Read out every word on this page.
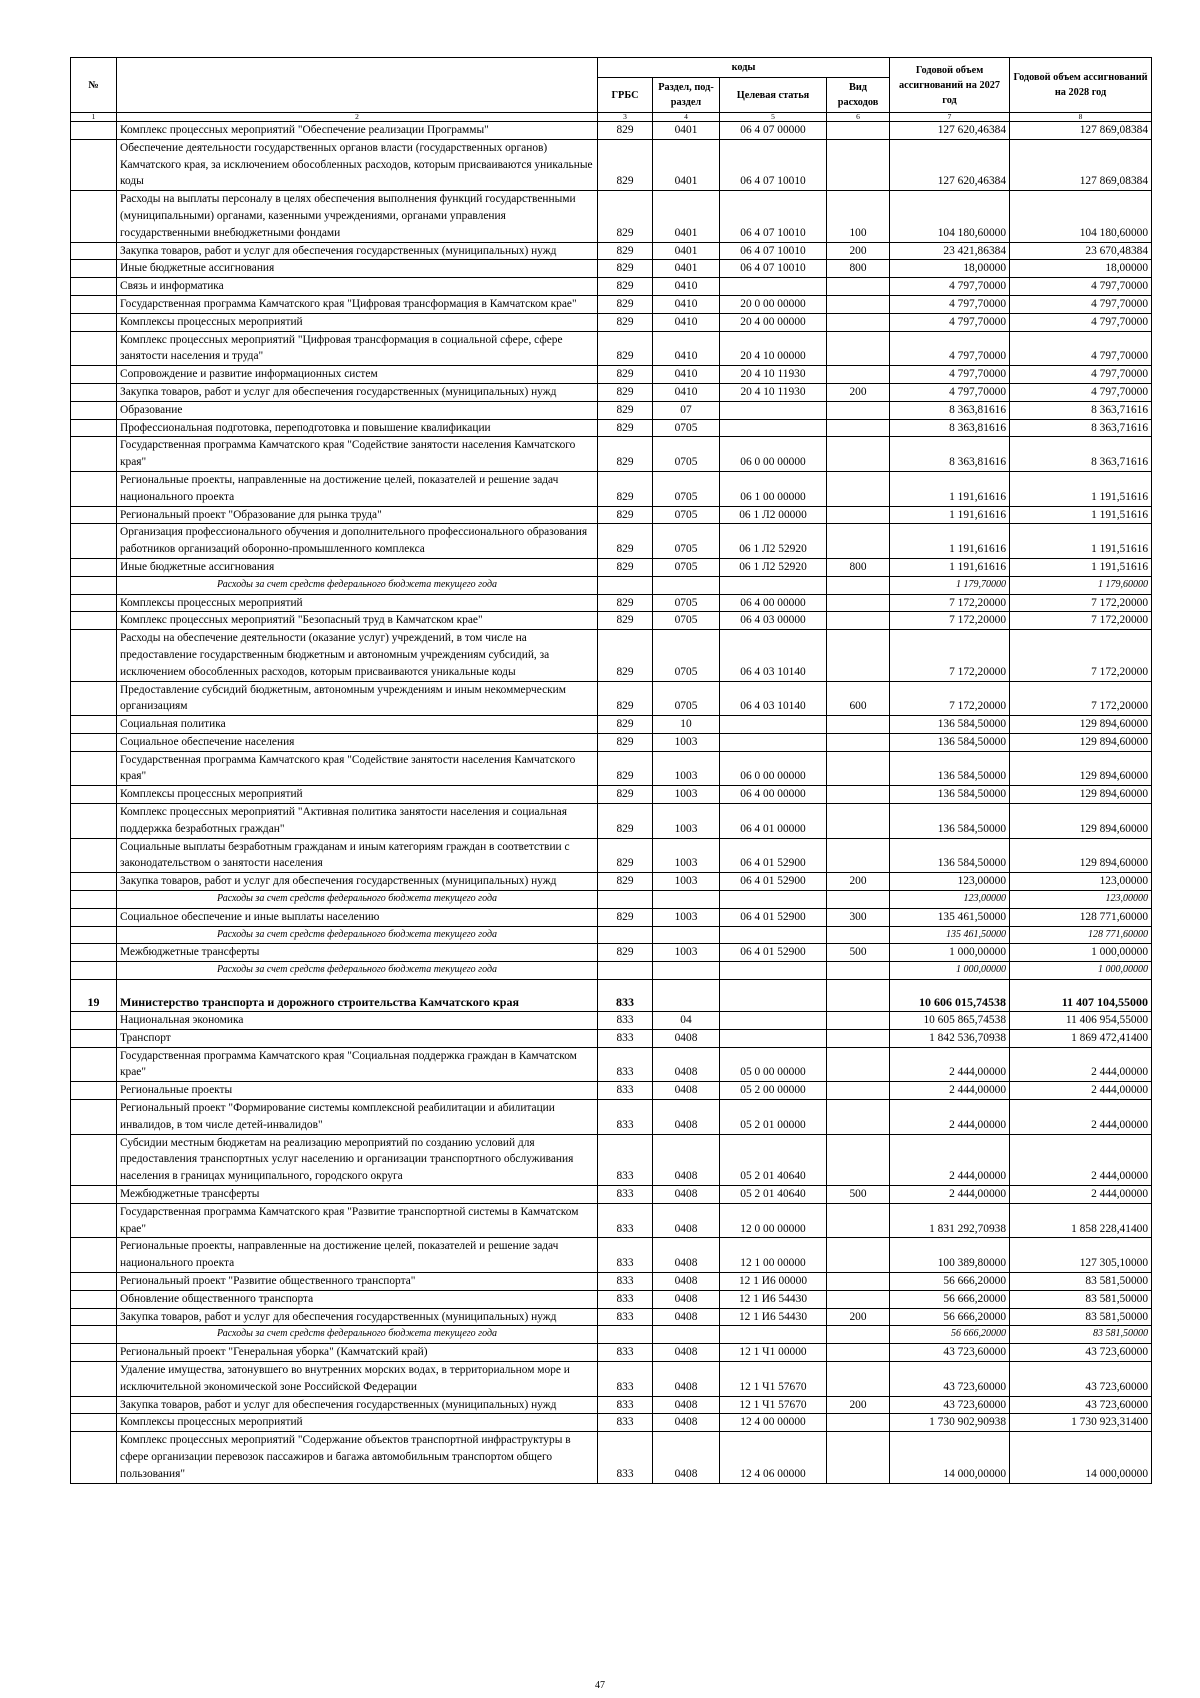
№		коды				Годовой объем ассигнований на 2027 год	Годовой объем ассигнований на 2028 год
		ГРБС	Раздел, под-раздел	Целевая статья	Вид расходов		
1	2	3	4	5	6	7	8
	Комплекс процессных мероприятий "Обеспечение реализации Программы"	829	0401	06 4 07 00000		127 620,46384	127 869,08384
	Обеспечение деятельности государственных органов власти (государственных органов) Камчатского края, за исключением обособленных расходов, которым присваиваются уникальные коды	829	0401	06 4 07 10010		127 620,46384	127 869,08384
	Расходы на выплаты персоналу в целях обеспечения выполнения функций государственными (муниципальными) органами, казенными учреждениями, органами управления государственными внебюджетными фондами	829	0401	06 4 07 10010	100	104 180,60000	104 180,60000
	Закупка товаров, работ и услуг для обеспечения государственных (муниципальных) нужд	829	0401	06 4 07 10010	200	23 421,86384	23 670,48384
	Иные бюджетные ассигнования	829	0401	06 4 07 10010	800	18,00000	18,00000
	Связь и информатика	829	0410			4 797,70000	4 797,70000
	Государственная программа Камчатского края "Цифровая трансформация в Камчатском крае"	829	0410	20 0 00 00000		4 797,70000	4 797,70000
	Комплексы процессных мероприятий	829	0410	20 4 00 00000		4 797,70000	4 797,70000
	Комплекс процессных мероприятий "Цифровая трансформация в социальной сфере, сфере занятости населения и труда"	829	0410	20 4 10 00000		4 797,70000	4 797,70000
	Сопровождение и развитие информационных систем	829	0410	20 4 10 11930		4 797,70000	4 797,70000
	Закупка товаров, работ и услуг для обеспечения государственных (муниципальных) нужд	829	0410	20 4 10 11930	200	4 797,70000	4 797,70000
	Образование	829	07			8 363,81616	8 363,71616
	Профессиональная подготовка, переподготовка и повышение квалификации	829	0705			8 363,81616	8 363,71616
	Государственная программа Камчатского края "Содействие занятости населения Камчатского края"	829	0705	06 0 00 00000		8 363,81616	8 363,71616
	Региональные проекты, направленные на достижение целей, показателей и решение задач национального проекта	829	0705	06 1 00 00000		1 191,61616	1 191,51616
	Региональный проект "Образование для рынка труда"	829	0705	06 1 Л2 00000		1 191,61616	1 191,51616
	Организация профессионального обучения и дополнительного профессионального образования работников организаций оборонно-промышленного комплекса	829	0705	06 1 Л2 52920		1 191,61616	1 191,51616
	Иные бюджетные ассигнования	829	0705	06 1 Л2 52920	800	1 191,61616	1 191,51616
	Расходы за счет средств федерального бюджета текущего года					1 179,70000	1 179,60000
	Комплексы процессных мероприятий	829	0705	06 4 00 00000		7 172,20000	7 172,20000
	Комплекс процессных мероприятий "Безопасный труд в Камчатском крае"	829	0705	06 4 03 00000		7 172,20000	7 172,20000
	Расходы на обеспечение деятельности (оказание услуг) учреждений, в том числе на предоставление государственным бюджетным и автономным учреждениям субсидий, за исключением обособленных расходов, которым присваиваются уникальные коды	829	0705	06 4 03 10140		7 172,20000	7 172,20000
	Предоставление субсидий бюджетным, автономным учреждениям и иным некоммерческим организациям	829	0705	06 4 03 10140	600	7 172,20000	7 172,20000
	Социальная политика	829	10			136 584,50000	129 894,60000
	Социальное обеспечение населения	829	1003			136 584,50000	129 894,60000
	Государственная программа Камчатского края "Содействие занятости населения Камчатского края"	829	1003	06 0 00 00000		136 584,50000	129 894,60000
	Комплексы процессных мероприятий	829	1003	06 4 00 00000		136 584,50000	129 894,60000
	Комплекс процессных мероприятий "Активная политика занятости населения и социальная поддержка безработных граждан"	829	1003	06 4 01 00000		136 584,50000	129 894,60000
	Социальные выплаты безработным гражданам и иным категориям граждан в соответствии с законодательством о занятости населения	829	1003	06 4 01 52900		136 584,50000	129 894,60000
	Закупка товаров, работ и услуг для обеспечения государственных (муниципальных) нужд	829	1003	06 4 01 52900	200	123,00000	123,00000
	Расходы за счет средств федерального бюджета текущего года					123,00000	123,00000
	Социальное обеспечение и иные выплаты населению	829	1003	06 4 01 52900	300	135 461,50000	128 771,60000
	Расходы за счет средств федерального бюджета текущего года					135 461,50000	128 771,60000
	Межбюджетные трансферты	829	1003	06 4 01 52900	500	1 000,00000	1 000,00000
	Расходы за счет средств федерального бюджета текущего года					1 000,00000	1 000,00000
19	Министерство транспорта и дорожного строительства Камчатского края	833				10 606 015,74538	11 407 104,55000
	Национальная экономика	833	04			10 605 865,74538	11 406 954,55000
	Транспорт	833	0408			1 842 536,70938	1 869 472,41400
	Государственная программа Камчатского края "Социальная поддержка граждан в Камчатском крае"	833	0408	05 0 00 00000		2 444,00000	2 444,00000
	Региональные проекты	833	0408	05 2 00 00000		2 444,00000	2 444,00000
	Региональный проект "Формирование системы комплексной реабилитации и абилитации инвалидов, в том числе детей-инвалидов"	833	0408	05 2 01 00000		2 444,00000	2 444,00000
	Субсидии местным бюджетам на реализацию мероприятий по созданию условий для предоставления транспортных услуг населению и организации транспортного обслуживания населения в границах муниципального, городского округа	833	0408	05 2 01 40640		2 444,00000	2 444,00000
	Межбюджетные трансферты	833	0408	05 2 01 40640	500	2 444,00000	2 444,00000
	Государственная программа Камчатского края "Развитие транспортной системы в Камчатском крае"	833	0408	12 0 00 00000		1 831 292,70938	1 858 228,41400
	Региональные проекты, направленные на достижение целей, показателей и решение задач национального проекта	833	0408	12 1 00 00000		100 389,80000	127 305,10000
	Региональный проект "Развитие общественного транспорта"	833	0408	12 1 И6 00000		56 666,20000	83 581,50000
	Обновление общественного транспорта	833	0408	12 1 И6 54430		56 666,20000	83 581,50000
	Закупка товаров, работ и услуг для обеспечения государственных (муниципальных) нужд	833	0408	12 1 И6 54430	200	56 666,20000	83 581,50000
	Расходы за счет средств федерального бюджета текущего года					56 666,20000	83 581,50000
	Региональный проект "Генеральная уборка" (Камчатский край)	833	0408	12 1 Ч1 00000		43 723,60000	43 723,60000
	Удаление имущества, затонувшего во внутренних морских водах, в территориальном море и исключительной экономической зоне Российской Федерации	833	0408	12 1 Ч1 57670		43 723,60000	43 723,60000
	Закупка товаров, работ и услуг для обеспечения государственных (муниципальных) нужд	833	0408	12 1 Ч1 57670	200	43 723,60000	43 723,60000
	Комплексы процессных мероприятий	833	0408	12 4 00 00000		1 730 902,90938	1 730 923,31400
	Комплекс процессных мероприятий "Содержание объектов транспортной инфраструктуры в сфере организации перевозок пассажиров и багажа автомобильным транспортом общего пользования"	833	0408	12 4 06 00000		14 000,00000	14 000,00000
47
